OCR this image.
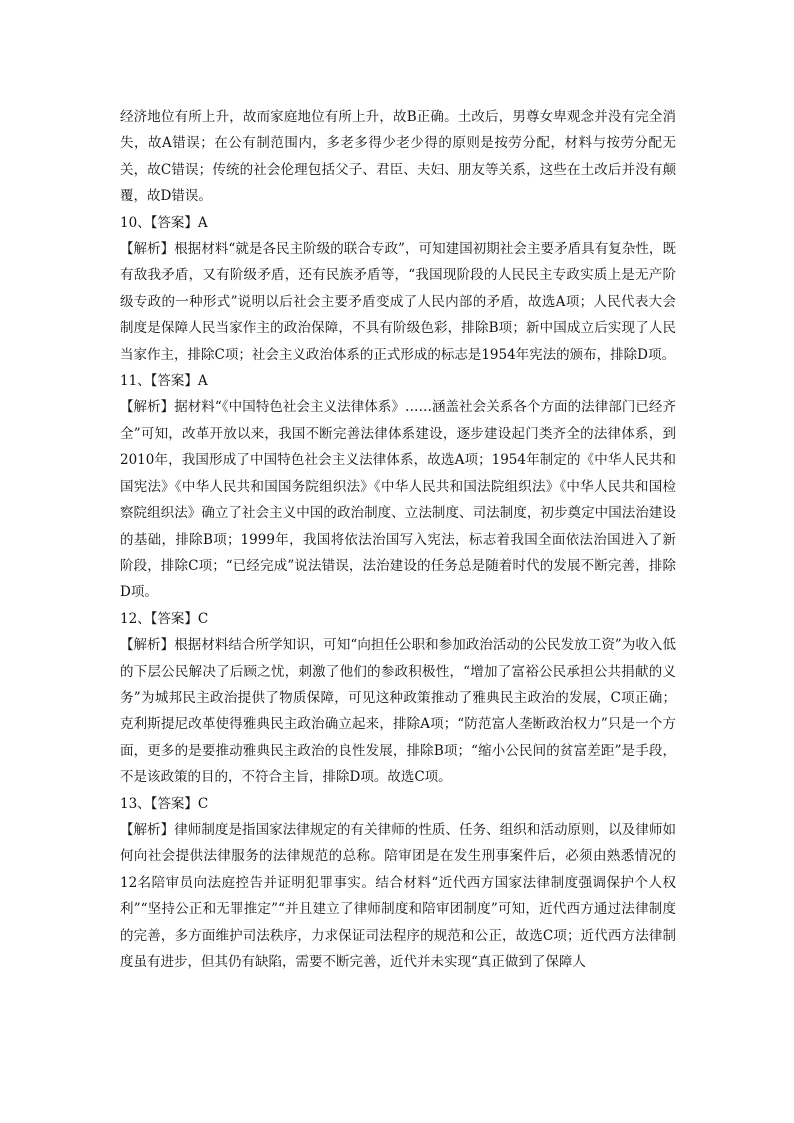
经济地位有所上升，故而家庭地位有所上升，故B正确。土改后，男尊女卑观念并没有完全消失，故A错误；在公有制范围内，多老多得少老少得的原则是按劳分配，材料与按劳分配无关，故C错误；传统的社会伦理包括父子、君臣、夫妇、朋友等关系，这些在土改后并没有颠覆，故D错误。

10、【答案】A

【解析】根据材料“就是各民主阶级的联合专政”，可知建国初期社会主要矛盾具有复杂性，既有敌我矛盾，又有阶级矛盾，还有民族矛盾等，“我国现阶段的人民民主专政实质上是无产阶级专政的一种形式”说明以后社会主要矛盾变成了人民内部的矛盾，故选A项；人民代表大会制度是保障人民当家作主的政治保障，不具有阶级色彩，排除B项；新中国成立后实现了人民当家作主，排除C项；社会主义政治体系的正式形成的标志是1954年宪法的颁布，排除D项。

11、【答案】A

【解析】据材料“《中国特色社会主义法律体系》……涵盖社会关系各个方面的法律部门已经齐全”可知，改革开放以来，我国不断完善法律体系建设，逐步建设起门类齐全的法律体系，到2010年，我国形成了中国特色社会主义法律体系，故选A项；1954年制定的《中华人民共和国宪法》《中华人民共和国国务院组织法》《中华人民共和国法院组织法》《中华人民共和国检察院组织法》确立了社会主义中国的政治制度、立法制度、司法制度，初步奠定中国法治建设的基础，排除B项；1999年，我国将依法治国写入宪法，标志着我国全面依法治国进入了新阶段，排除C项；“已经完成”说法错误，法治建设的任务总是随着时代的发展不断完善，排除D项。

12、【答案】C

【解析】根据材料结合所学知识，可知“向担任公职和参加政治活动的公民发放工资”为收入低的下层公民解决了后顾之忧，刺激了他们的参政积极性，“增加了富裕公民承担公共捐献的义务”为城邦民主政治提供了物质保障，可见这种政策推动了雅典民主政治的发展，C项正确；克利斯提尼改革使得雅典民主政治确立起来，排除A项；“防范富人垄断政治权力”只是一个方面，更多的是要推动雅典民主政治的良性发展，排除B项；“缩小公民间的贫富差距”是手段，不是该政策的目的，不符合主旨，排除D项。故选C项。

13、【答案】C

【解析】律师制度是指国家法律规定的有关律师的性质、任务、组织和活动原则，以及律师如何向社会提供法律服务的法律规范的总称。陪审团是在发生刑事案件后，必须由熟悉情况的12名陪审员向法庭控告并证明犯罪事实。结合材料“近代西方国家法律制度强调保护个人权利”“坚持公正和无罪推定”“并且建立了律师制度和陪审团制度”可知，近代西方通过法律制度的完善，多方面维护司法秩序，力求保证司法程序的规范和公正，故选C项；近代西方法律制度虽有进步，但其仍有缺陷，需要不断完善，近代并未实现“真正做到了保障人
